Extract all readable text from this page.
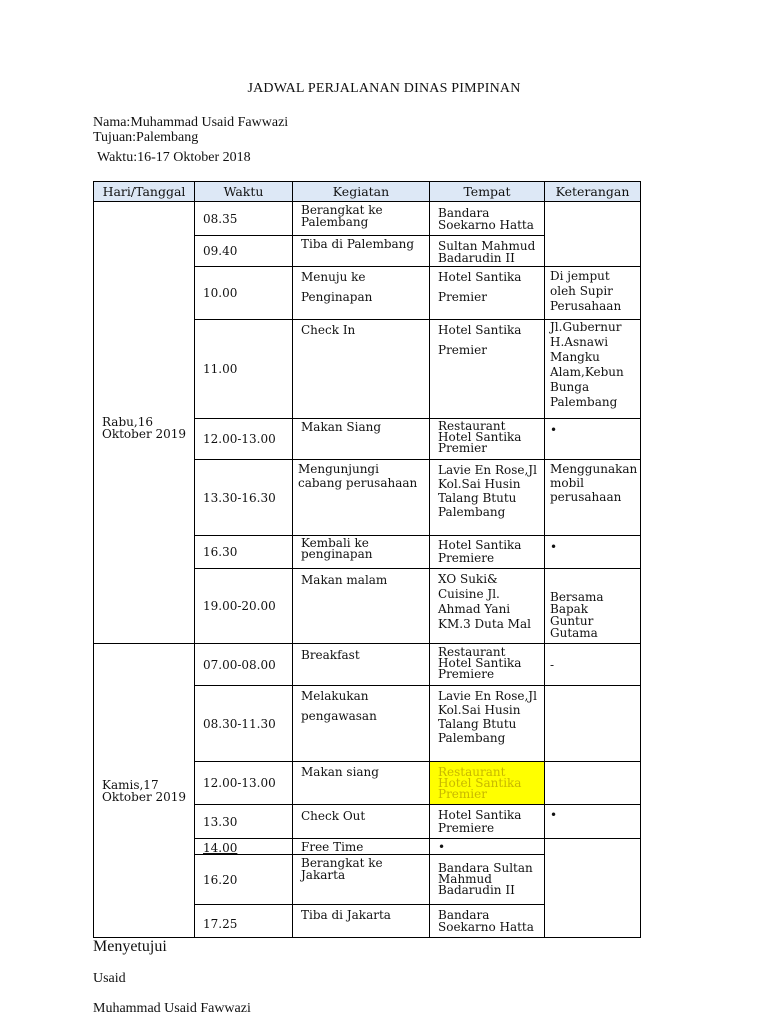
JADWAL PERJALANAN DINAS PIMPINAN
Nama:Muhammad Usaid Fawwazi
Tujuan:Palembang
Waktu:16-17 Oktober 2018
Hari/Tanggal	Waktu	Kegiatan	Tempat	Keterangan

Rabu,16 Oktober 2019	08.35	Berangkat ke Palembang	Bandara Soekarno Hatta	

	09.40	Tiba di Palembang	Sultan Mahmud Badarudin II	

	10.00	Menuju ke Penginapan	Hotel Santika Premier	Di jemput oleh Supir Perusahaan

	11.00	Check In	Hotel Santika Premier	Jl.Gubernur H.Asnawi Mangku Alam,Kebun Bunga Palembang

	12.00-13.00	Makan Siang	Restaurant Hotel Santika Premier	•

	13.30-16.30	Mengunjungi cabang perusahaan	Lavie En Rose,Jl Kol.Sai Husin Talang Btutu Palembang	Menggunakan mobil perusahaan

	16.30	Kembali ke penginapan	Hotel Santika Premiere	•

	19.00-20.00	Makan malam	XO Suki& Cuisine Jl. Ahmad Yani KM.3 Duta Mal	Bersama Bapak Guntur Gutama

Kamis,17 Oktober 2019	07.00-08.00	Breakfast	Restaurant Hotel Santika Premiere	-

	08.30-11.30	Melakukan pengawasan	Lavie En Rose,Jl Kol.Sai Husin Talang Btutu Palembang	

	12.00-13.00	Makan siang	Restaurant Hotel Santika Premier	

	13.30	Check Out	Hotel Santika Premiere	•

	14.00	Free Time	•	

	16.20	Berangkat ke Jakarta	Bandara Sultan Mahmud Badarudin II	

	17.25	Tiba di Jakarta	Bandara Soekarno Hatta	
Menyetujui
Usaid
Muhammad Usaid Fawwazi
